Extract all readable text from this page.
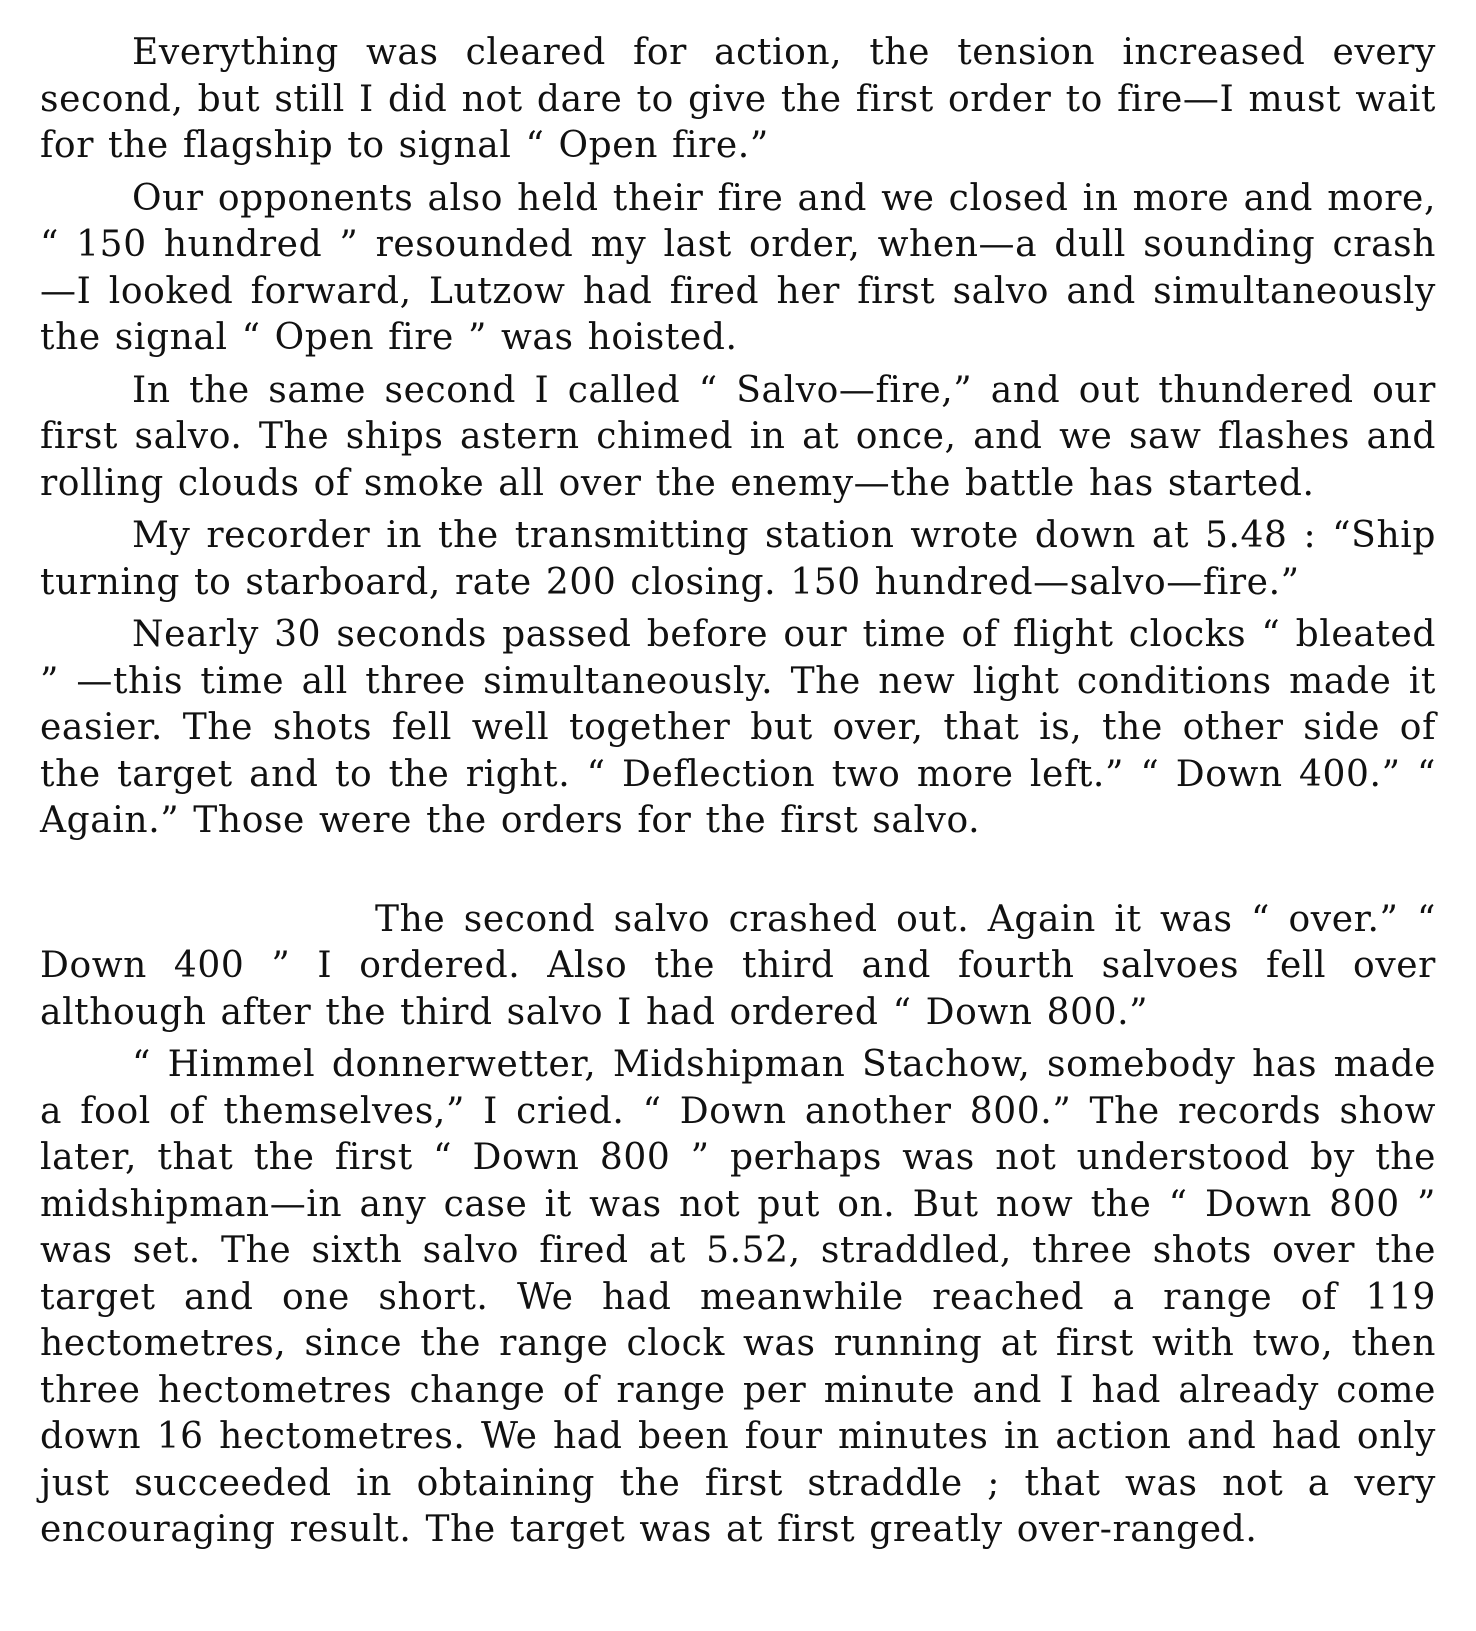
Everything was cleared for action, the tension increased every second, but still I did not dare to give the first order to fire—I must wait for the flagship to signal “ Open fire.”

Our opponents also held their fire and we closed in more and more, “ 150 hundred ” resounded my last order, when—a dull sounding crash —I looked forward, Lutzow had fired her first salvo and simultaneously the signal “ Open fire ” was hoisted.

In the same second I called “ Salvo—fire,” and out thundered our first salvo. The ships astern chimed in at once, and we saw flashes and rolling clouds of smoke all over the enemy—the battle has started.

My recorder in the transmitting station wrote down at 5.48 : “Ship turning to starboard, rate 200 closing. 150 hundred—salvo—fire.”

Nearly 30 seconds passed before our time of flight clocks “ bleated ” —this time all three simultaneously. The new light conditions made it easier. The shots fell well together but over, that is, the other side of the target and to the right. “ Deflection two more left.” “ Down 400.” “ Again.” Those were the orders for the first salvo.

The second salvo crashed out. Again it was “ over.” “ Down 400 ” I ordered. Also the third and fourth salvoes fell over although after the third salvo I had ordered “ Down 800.”

“ Himmel donnerwetter, Midshipman Stachow, somebody has made a fool of themselves,” I cried. “ Down another 800.” The records show later, that the first “ Down 800 ” perhaps was not understood by the midshipman—in any case it was not put on. But now the “ Down 800 ” was set. The sixth salvo fired at 5.52, straddled, three shots over the target and one short. We had meanwhile reached a range of 119 hectometres, since the range clock was running at first with two, then three hectometres change of range per minute and I had already come down 16 hectometres. We had been four minutes in action and had only just succeeded in obtaining the first straddle ; that was not a very encouraging result. The target was at first greatly over-ranged.
